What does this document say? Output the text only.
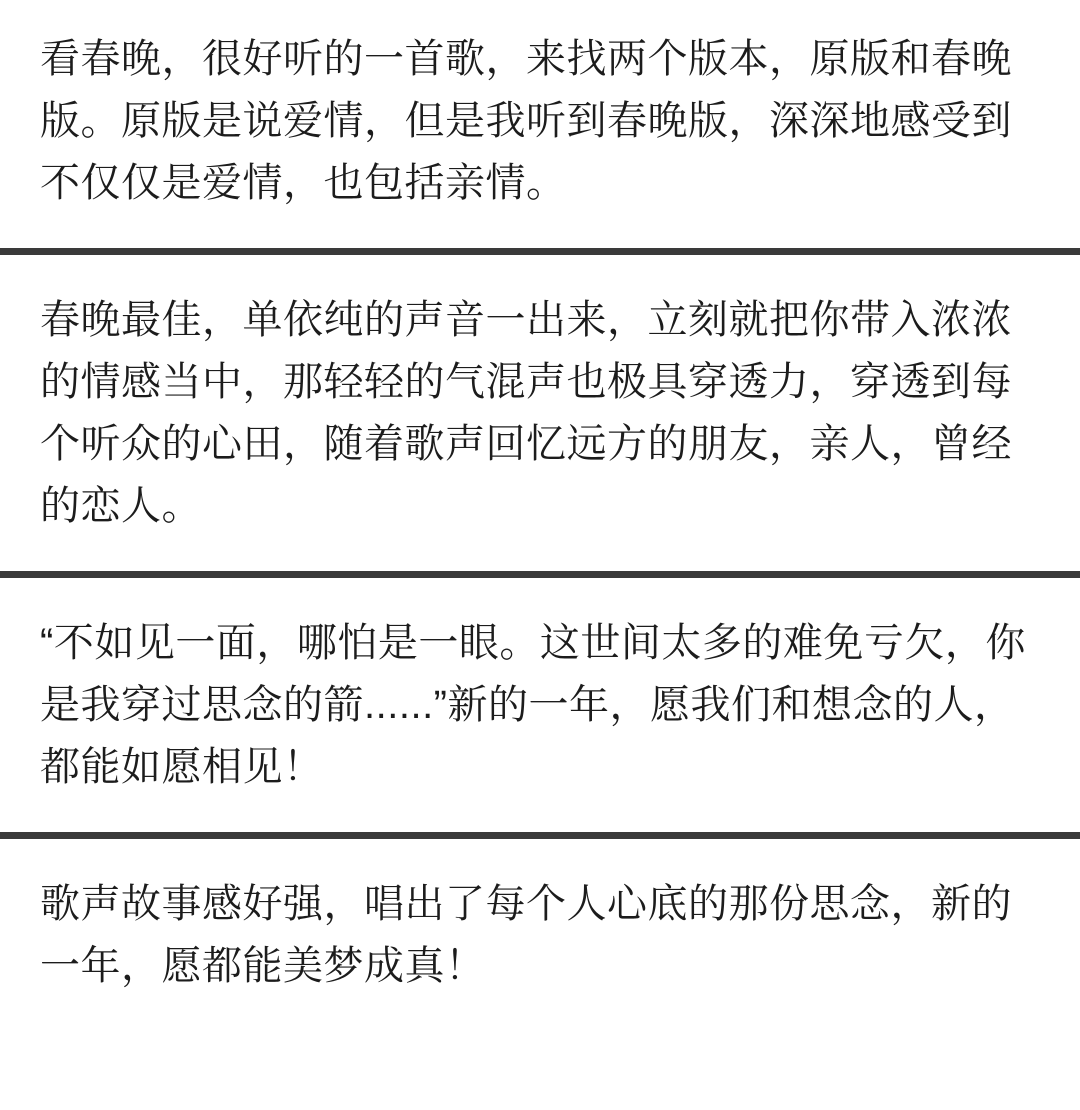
看春晚，很好听的一首歌，来找两个版本，原版和春晚版。原版是说爱情，但是我听到春晚版，深深地感受到不仅仅是爱情，也包括亲情。
春晚最佳，单依纯的声音一出来，立刻就把你带入浓浓的情感当中，那轻轻的气混声也极具穿透力，穿透到每个听众的心田，随着歌声回忆远方的朋友，亲人，曾经的恋人。
“不如见一面，哪怕是一眼。这世间太多的难免亏欠，你是我穿过思念的箭......”新的一年，愿我们和想念的人，都能如愿相见！
歌声故事感好强，唱出了每个人心底的那份思念，新的一年，愿都能美梦成真！
